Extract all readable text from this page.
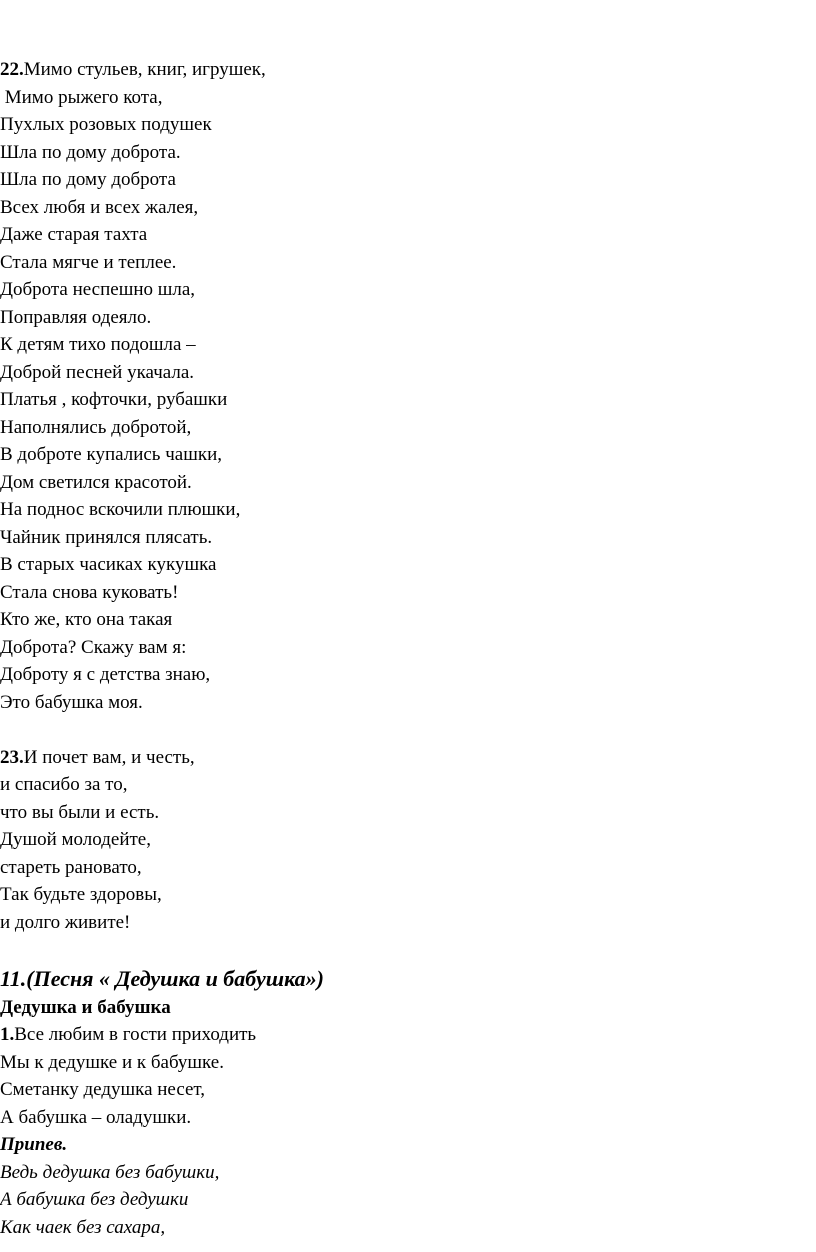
22.Мимо стульев, книг, игрушек,

Мимо рыжего кота,

Пухлых розовых подушек

Шла по дому доброта.

Шла по дому доброта

Всех любя и всех жалея,

Даже старая тахта

Стала мягче и теплее.

Доброта неспешно шла,

Поправляя одеяло.

К детям тихо подошла –

Доброй песней укачала.

Платья , кофточки, рубашки

Наполнялись добротой,

В доброте купались чашки,

Дом светился красотой.

На поднос вскочили плюшки,

Чайник принялся плясать.

В старых часиках кукушка

Стала снова куковать!

Кто же, кто она такая

Доброта? Скажу вам я:

Доброту я с детства знаю,

Это бабушка моя.

23.И почет вам, и честь,

и спасибо за то,

что вы были и есть.

Душой молодейте,

стареть рановато,

Так будьте здоровы,

и долго живите!

11.(Песня « Дедушка и бабушка»)

Дедушка и бабушка

1.Все любим в гости приходить

Мы к дедушке и к бабушке.

Сметанку дедушка несет,

А бабушка – оладушки.

Припев.

Ведь дедушка без бабушки,

А бабушка без дедушки

Как чаек без сахара,
